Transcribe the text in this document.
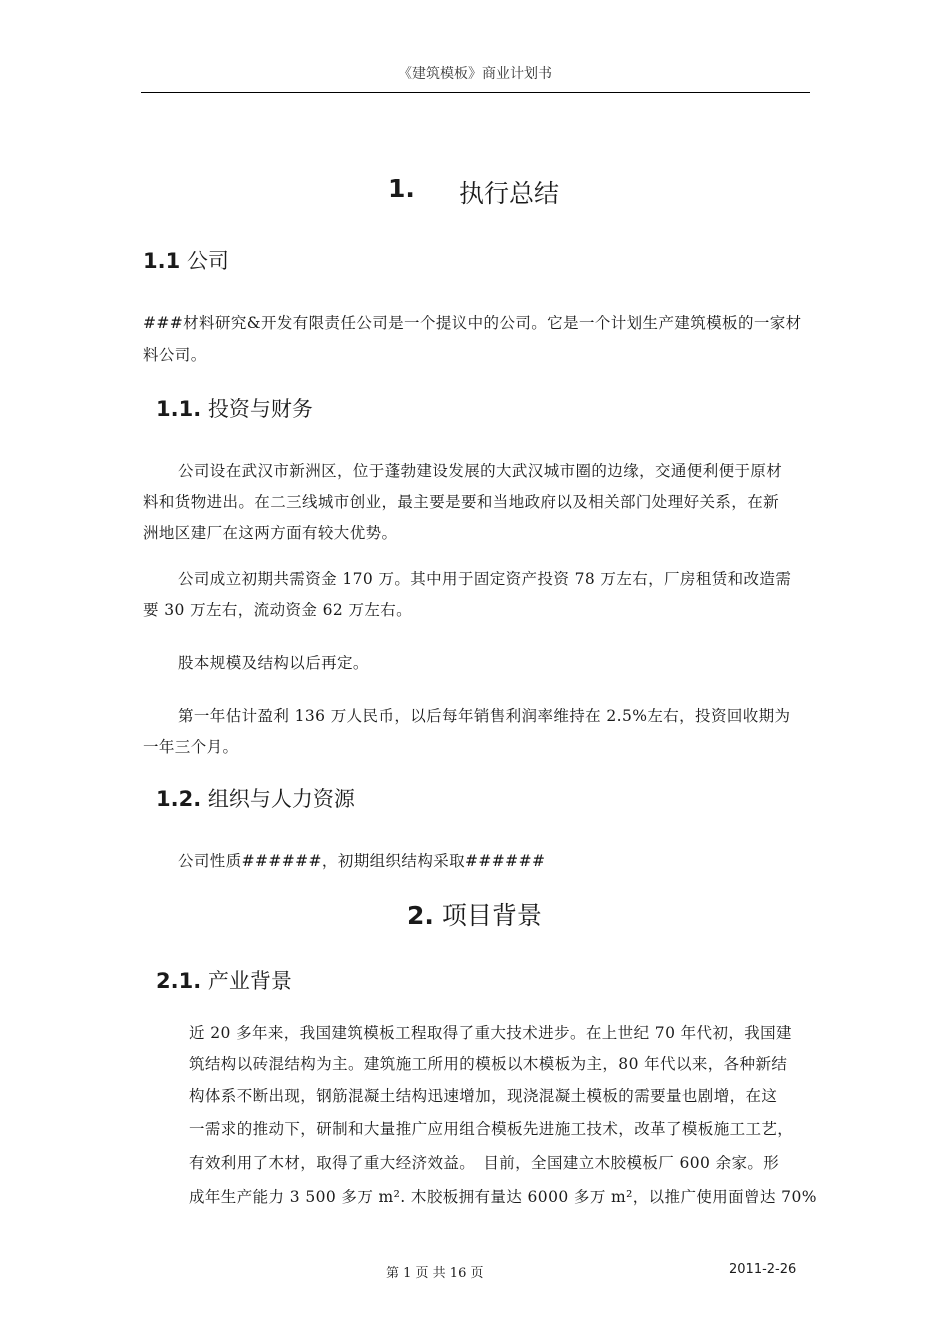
《建筑模板》商业计划书
1. 执行总结
1.1 公司
###材料研究&开发有限责任公司是一个提议中的公司。它是一个计划生产建筑模板的一家材
料公司。
1.1. 投资与财务
公司设在武汉市新洲区，位于蓬勃建设发展的大武汉城市圈的边缘，交通便利便于原材
料和货物进出。在二三线城市创业，最主要是要和当地政府以及相关部门处理好关系，在新
洲地区建厂在这两方面有较大优势。
公司成立初期共需资金 170 万。其中用于固定资产投资 78 万左右，厂房租赁和改造需
要 30 万左右，流动资金 62 万左右。
股本规模及结构以后再定。
第一年估计盈利 136 万人民币，以后每年销售利润率维持在 2.5%左右，投资回收期为
一年三个月。
1.2. 组织与人力资源
公司性质######，初期组织结构采取######
2. 项目背景
2.1. 产业背景
近 20 多年来，我国建筑模板工程取得了重大技术进步。在上世纪 70 年代初，我国建
筑结构以砖混结构为主。建筑施工所用的模板以木模板为主，80 年代以来，各种新结
构体系不断出现，钢筋混凝土结构迅速增加，现浇混凝土模板的需要量也剧增，在这
一需求的推动下，研制和大量推广应用组合模板先进施工技术，改革了模板施工工艺，
有效利用了木材，取得了重大经济效益。　目前，全国建立木胶模板厂 600 余家。形
成年生产能力 3 500 多万 m². 木胶板拥有量达 6000 多万 m²，以推广使用面曾达 70%
第 1 页 共 16 页	2011-2-26
